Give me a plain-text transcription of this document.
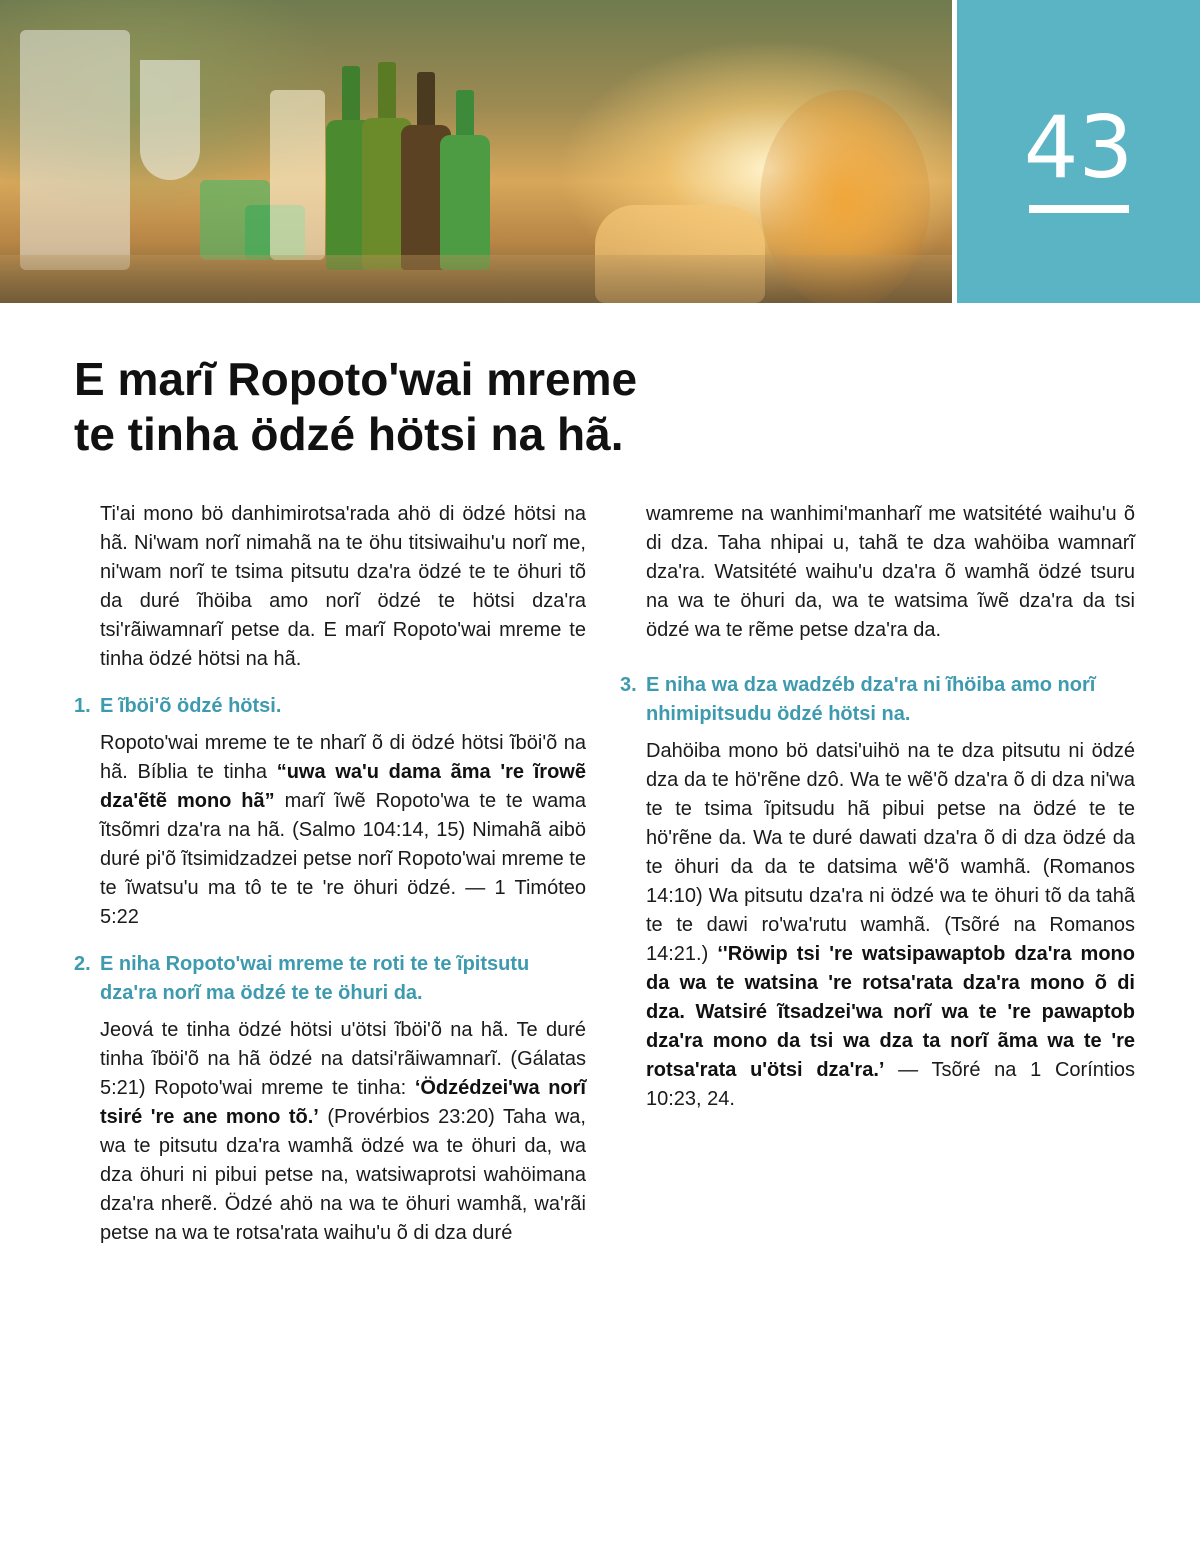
43
E marĩ Ropoto'wai mreme
te tinha ödzé hötsi na hã.

Ti'ai mono bö danhimirotsa'rada ahö di ödzé hötsi na hã. Ni'wam norĩ nimahã na te öhu titsiwaihu'u norĩ me, ni'wam norĩ te tsima pitsutu dza'ra ödzé te te öhuri tõ da duré ĩhöiba amo norĩ ödzé te hötsi dza'ra tsi'rãiwamnarĩ petse da. E marĩ Ropoto'wai mreme te tinha ödzé hötsi na hã.

1. E ĩböi'õ ödzé hötsi.

Ropoto'wai mreme te te nharĩ õ di ödzé hötsi ĩböi'õ na hã. Bíblia te tinha “uwa wa'u dama ãma 're ĩrowẽ dza'ẽtẽ mono hã” marĩ ĩwẽ Ropoto'wa te te wama ĩtsõmri dza'ra na hã. (Salmo 104:14, 15) Nimahã aibö duré pi'õ ĩtsimidzadzei petse norĩ Ropoto'wai mreme te te ĩwatsu'u ma tô te te 're öhuri ödzé. — 1 Timóteo 5:22

2. E niha Ropoto'wai mreme te roti te te ĩpitsutu dza'ra norĩ ma ödzé te te öhuri da.

Jeová te tinha ödzé hötsi u'ötsi ĩböi'õ na hã. Te duré tinha ĩböi'õ na hã ödzé na datsi'rãiwamnarĩ. (Gálatas 5:21) Ropoto'wai mreme te tinha: ‘Ödzédzei'wa norĩ tsiré 're ane mono tõ.’ (Provérbios 23:20) Taha wa, wa te pitsutu dza'ra wamhã ödzé wa te öhuri da, wa dza öhuri ni pibui petse na, watsiwaprotsi wahöimana dza'ra nherẽ. Ödzé ahö na wa te öhuri wamhã, wa'rãi petse na wa te rotsa'rata waihu'u õ di dza duré

wamreme na wanhimi'manharĩ me watsitété waihu'u õ di dza. Taha nhipai u, tahã te dza wahöiba wamnarĩ dza'ra. Watsitété waihu'u dza'ra õ wamhã ödzé tsuru na wa te öhuri da, wa te watsima ĩwẽ dza'ra da tsi ödzé wa te rẽme petse dza'ra da.

3. E niha wa dza wadzéb dza'ra ni ĩhöiba amo norĩ nhimipitsudu ödzé hötsi na.

Dahöiba mono bö datsi'uihö na te dza pitsutu ni ödzé dza da te hö'rẽne dzô. Wa te wẽ'õ dza'ra õ di dza ni'wa te te tsima ĩpitsudu hã pibui petse na ödzé te te hö'rẽne da. Wa te duré dawati dza'ra õ di dza ödzé da te öhuri da da te datsima wẽ'õ wamhã. (Romanos 14:10) Wa pitsutu dza'ra ni ödzé wa te öhuri tõ da tahã te te dawi ro'wa'rutu wamhã. (Tsõré na Romanos 14:21.) ‘'Röwip tsi 're watsipawaptob dza'ra mono da wa te watsina 're rotsa'rata dza'ra mono õ di dza. Watsiré ĩtsadzei'wa norĩ wa te 're pawaptob dza'ra mono da tsi wa dza ta norĩ ãma wa te 're rotsa'rata u'ötsi dza'ra.’ — Tsõré na 1 Coríntios 10:23, 24.
